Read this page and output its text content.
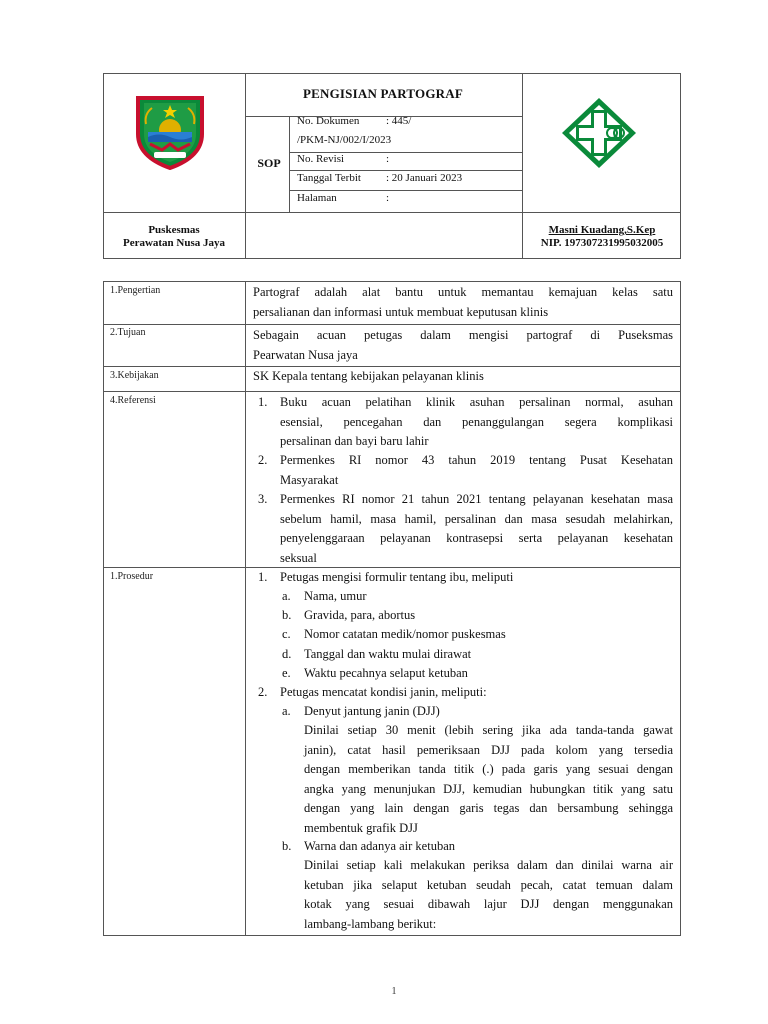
PENGISIAN PARTOGRAF
SOP
No. Dokumen : 445/
/PKM-NJ/002/I/2023
No. Revisi	:
Tanggal Terbit : 20 Januari 2023
Halaman	:
Puskesmas
Perawatan Nusa Jaya
Masni Kuadang,S.Kep
NIP. 197307231995032005
1.Pengertian	Partograf adalah alat bantu untuk memantau kemajuan kelas satu
persalianan dan informasi untuk membuat keputusan klinis
2.Tujuan	Sebagain acuan petugas dalam mengisi partograf di Puseksmas
Pearwatan Nusa jaya
3.Kebijakan	SK Kepala tentang kebijakan pelayanan klinis
4.Referensi	1. Buku acuan pelatihan klinik asuhan persalinan normal, asuhan
esensial, pencegahan dan penanggulangan segera komplikasi
persalinan dan bayi baru lahir
2. Permenkes RI nomor 43 tahun 2019 tentang Pusat Kesehatan
Masyarakat
3. Permenkes RI nomor 21 tahun 2021 tentang pelayanan kesehatan masa
sebelum hamil, masa hamil, persalinan dan masa sesudah melahirkan,
penyelenggaraan pelayanan kontrasepsi serta pelayanan kesehatan
seksual
1.Prosedur	1. Petugas mengisi formulir tentang ibu, meliputi
a. Nama, umur
b. Gravida, para, abortus
c. Nomor catatan medik/nomor puskesmas
d. Tanggal dan waktu mulai dirawat
e. Waktu pecahnya selaput ketuban
2. Petugas mencatat kondisi janin, meliputi:
a. Denyut jantung janin (DJJ)
Dinilai setiap 30 menit (lebih sering jika ada tanda-tanda gawat
janin), catat hasil pemeriksaan DJJ pada kolom yang tersedia
dengan memberikan tanda titik (.) pada garis yang sesuai dengan
angka yang menunjukan DJJ, kemudian hubungkan titik yang satu
dengan yang lain dengan garis tegas dan bersambung sehingga
membentuk grafik DJJ
b. Warna dan adanya air ketuban
Dinilai setiap kali melakukan periksa dalam dan dinilai warna air
ketuban jika selaput ketuban seudah pecah, catat temuan dalam
kotak yang sesuai dibawah lajur DJJ dengan menggunakan
lambang-lambang berikut:
1
